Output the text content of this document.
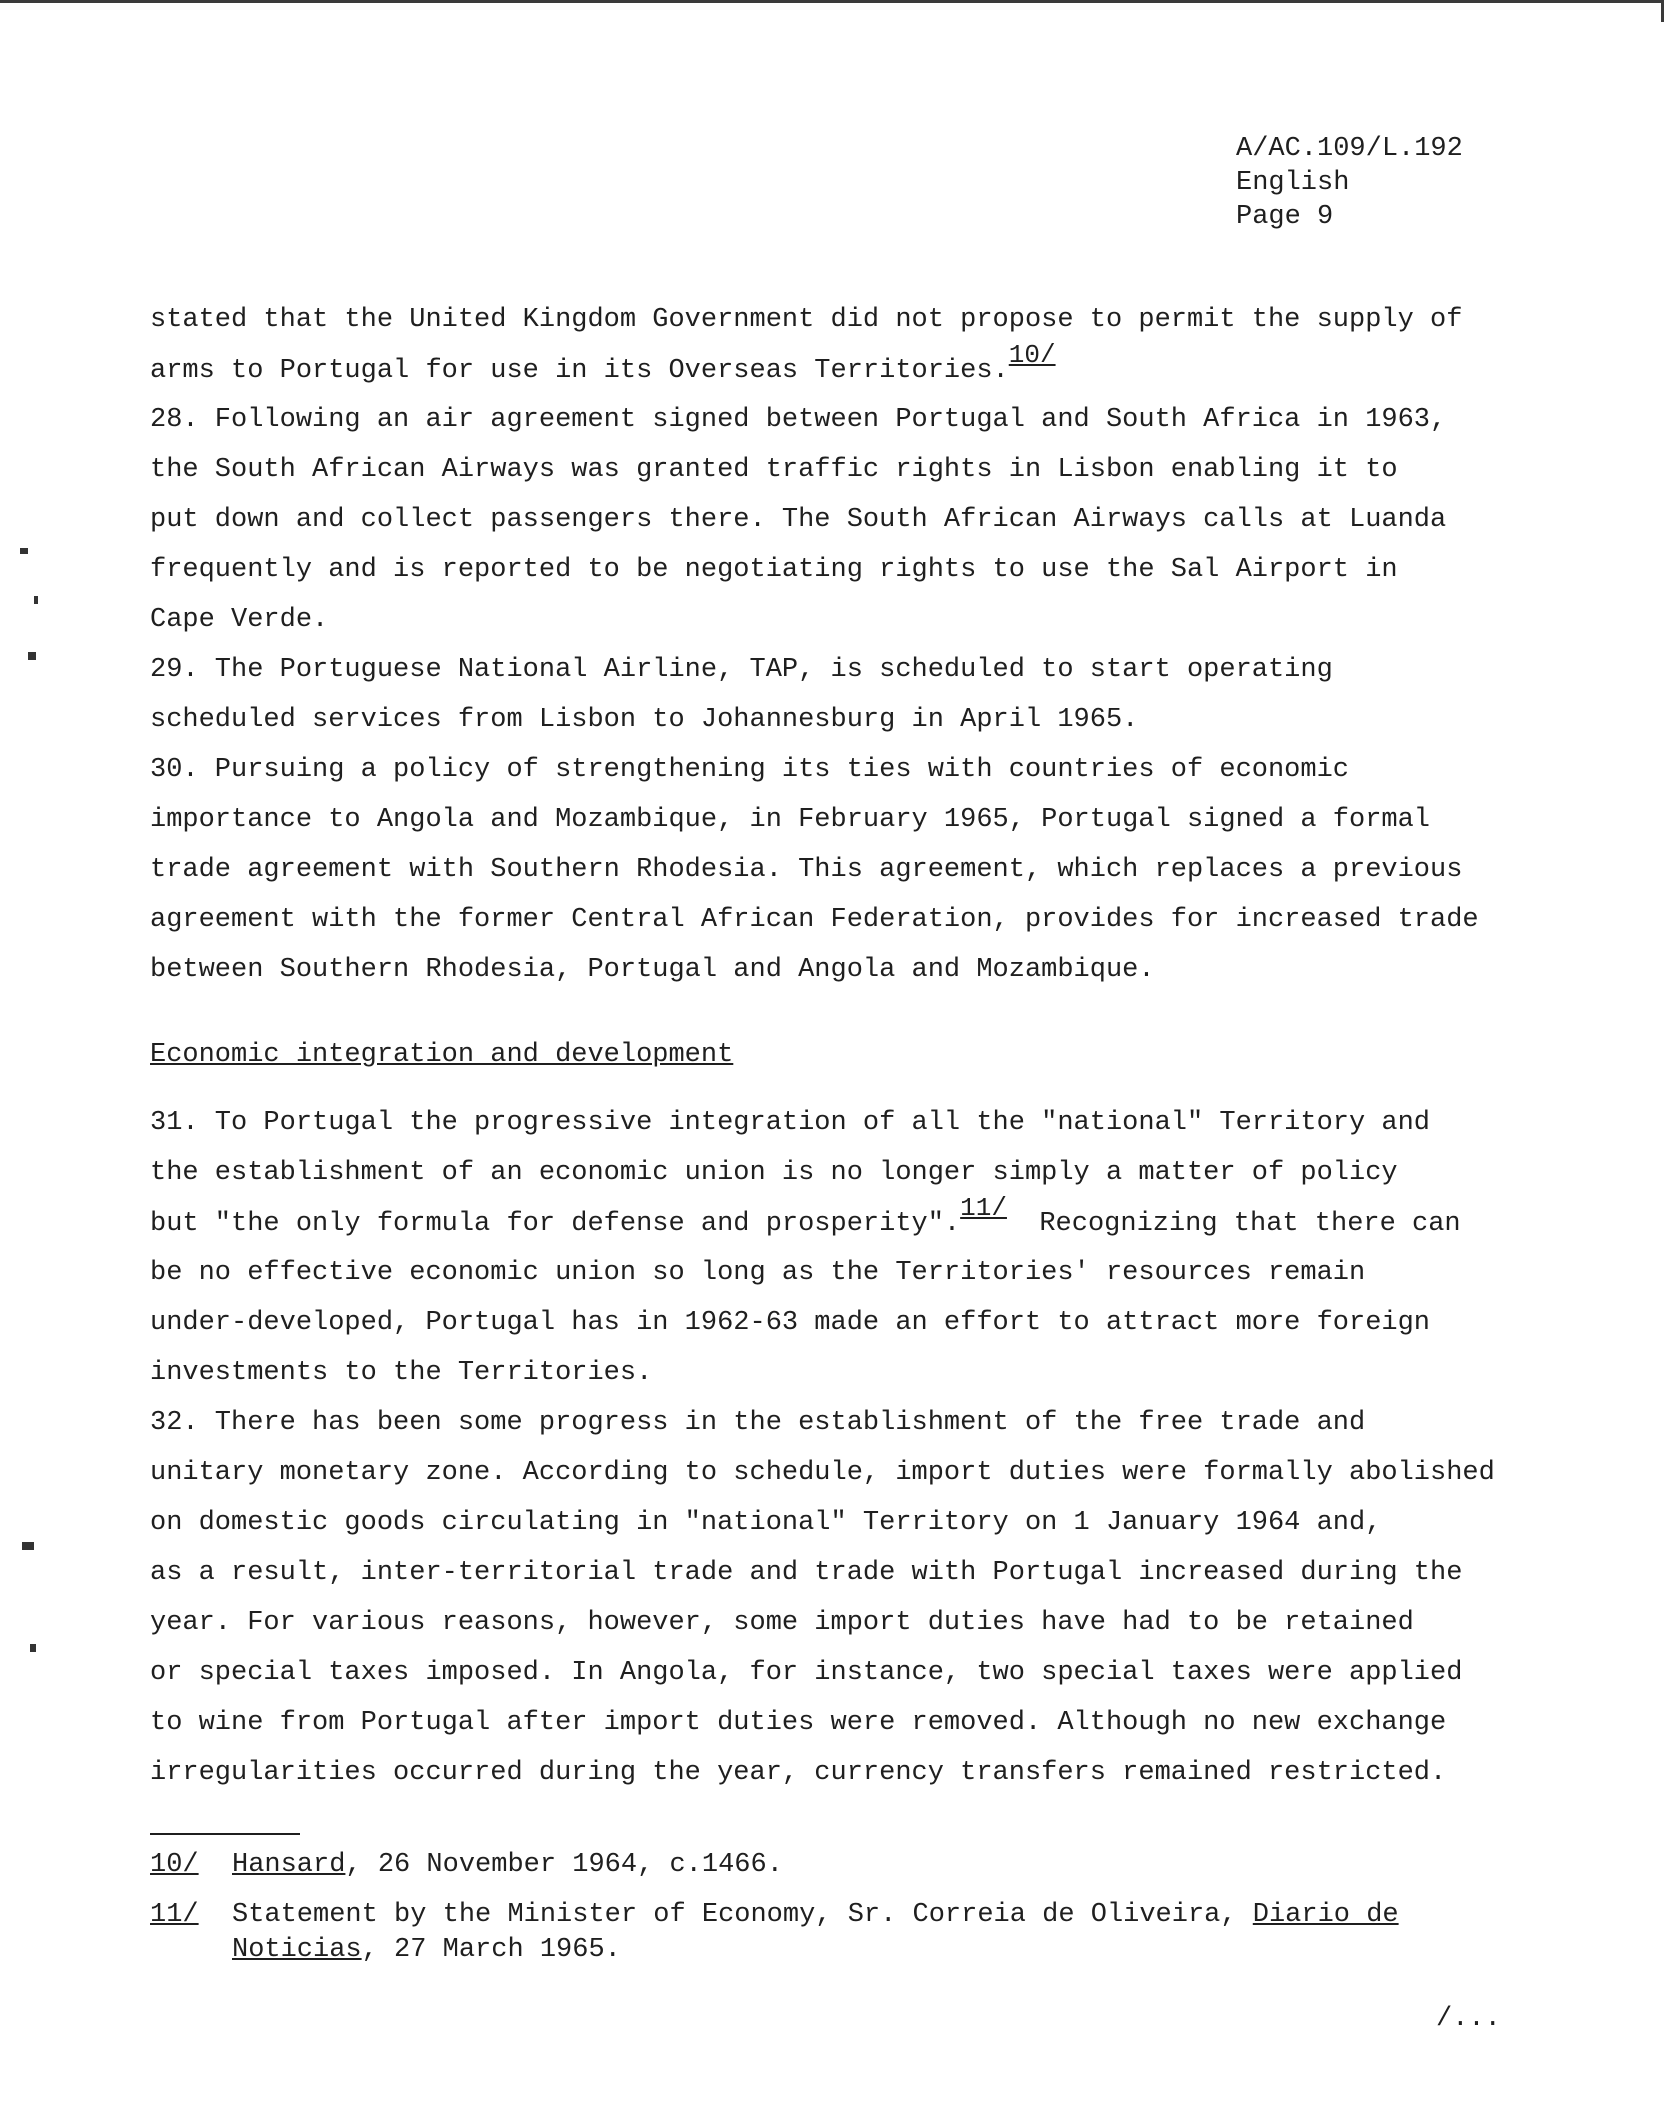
A/AC.109/L.192
English
Page 9
stated that the United Kingdom Government did not propose to permit the supply of
arms to Portugal for use in its Overseas Territories.10/
28. Following an air agreement signed between Portugal and South Africa in 1963,
the South African Airways was granted traffic rights in Lisbon enabling it to
put down and collect passengers there. The South African Airways calls at Luanda
frequently and is reported to be negotiating rights to use the Sal Airport in
Cape Verde.
29. The Portuguese National Airline, TAP, is scheduled to start operating
scheduled services from Lisbon to Johannesburg in April 1965.
30. Pursuing a policy of strengthening its ties with countries of economic
importance to Angola and Mozambique, in February 1965, Portugal signed a formal
trade agreement with Southern Rhodesia. This agreement, which replaces a previous
agreement with the former Central African Federation, provides for increased trade
between Southern Rhodesia, Portugal and Angola and Mozambique.
Economic integration and development
31. To Portugal the progressive integration of all the "national" Territory and
the establishment of an economic union is no longer simply a matter of policy
but "the only formula for defense and prosperity".11/  Recognizing that there can
be no effective economic union so long as the Territories' resources remain
under-developed, Portugal has in 1962-63 made an effort to attract more foreign
investments to the Territories.
32. There has been some progress in the establishment of the free trade and
unitary monetary zone. According to schedule, import duties were formally abolished
on domestic goods circulating in "national" Territory on 1 January 1964 and,
as a result, inter-territorial trade and trade with Portugal increased during the
year. For various reasons, however, some import duties have had to be retained
or special taxes imposed. In Angola, for instance, two special taxes were applied
to wine from Portugal after import duties were removed. Although no new exchange
irregularities occurred during the year, currency transfers remained restricted.
10/ Hansard, 26 November 1964, c.1466.
11/ Statement by the Minister of Economy, Sr. Correia de Oliveira, Diario de
Noticias, 27 March 1965.
/...
